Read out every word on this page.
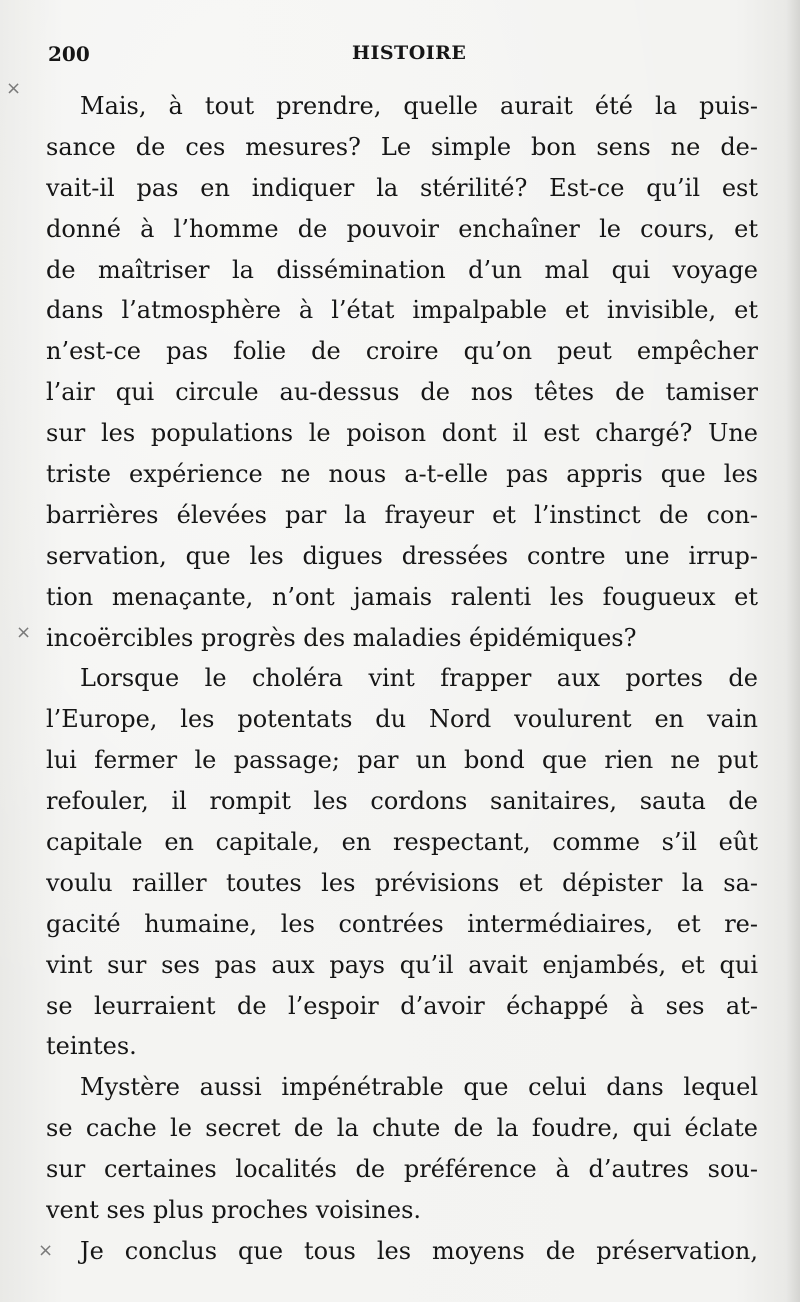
×
×
×
200	HISTOIRE
Mais, à tout prendre, quelle aurait été la puis-
sance de ces mesures? Le simple bon sens ne de-
vait-il pas en indiquer la stérilité? Est-ce qu’il est
donné à l’homme de pouvoir enchaîner le cours, et
de maîtriser la dissémination d’un mal qui voyage
dans l’atmosphère à l’état impalpable et invisible, et
n’est-ce pas folie de croire qu’on peut empêcher
l’air qui circule au-dessus de nos têtes de tamiser
sur les populations le poison dont il est chargé? Une
triste expérience ne nous a-t-elle pas appris que les
barrières élevées par la frayeur et l’instinct de con-
servation, que les digues dressées contre une irrup-
tion menaçante, n’ont jamais ralenti les fougueux et
incoërcibles progrès des maladies épidémiques?
Lorsque le choléra vint frapper aux portes de
l’Europe, les potentats du Nord voulurent en vain
lui fermer le passage; par un bond que rien ne put
refouler, il rompit les cordons sanitaires, sauta de
capitale en capitale, en respectant, comme s’il eût
voulu railler toutes les prévisions et dépister la sa-
gacité humaine, les contrées intermédiaires, et re-
vint sur ses pas aux pays qu’il avait enjambés, et qui
se leurraient de l’espoir d’avoir échappé à ses at-
teintes.
Mystère aussi impénétrable que celui dans lequel
se cache le secret de la chute de la foudre, qui éclate
sur certaines localités de préférence à d’autres sou-
vent ses plus proches voisines.
Je conclus que tous les moyens de préservation,
